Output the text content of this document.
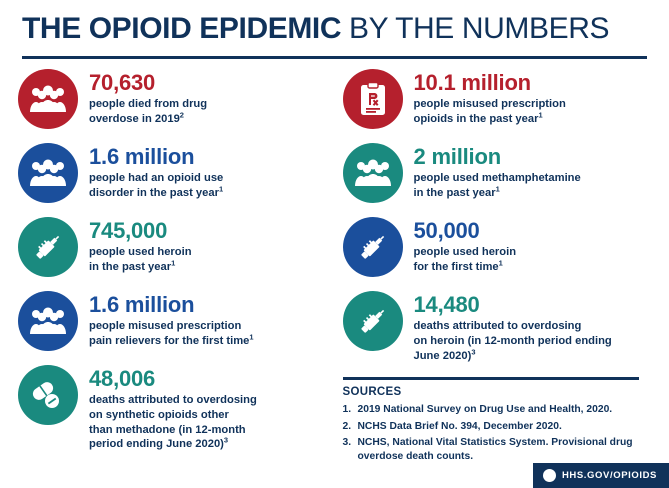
THE OPIOID EPIDEMIC BY THE NUMBERS
70,630
people died from drug
overdose in 2019$^2$
1.6 million
people had an opioid use
disorder in the past year$^1$
745,000
people used heroin
in the past year$^1$
1.6 million
people misused prescription
pain relievers for the first time$^1$
48,006
deaths attributed to overdosing
on synthetic opioids other
than methadone (in 12-month
period ending June 2020)$^3$
10.1 million
people misused prescription
opioids in the past year$^1$
2 million
people used methamphetamine
in the past year$^1$
50,000
people used heroin
for the first time$^1$
14,480
deaths attributed to overdosing
on heroin (in 12-month period ending
June 2020)$^3$
SOURCES
1. 2019 National Survey on Drug Use and Health, 2020.
2. NCHS Data Brief No. 394, December 2020.
3. NCHS, National Vital Statistics System. Provisional drug overdose death counts.
HHS.GOV/OPIOIDS
